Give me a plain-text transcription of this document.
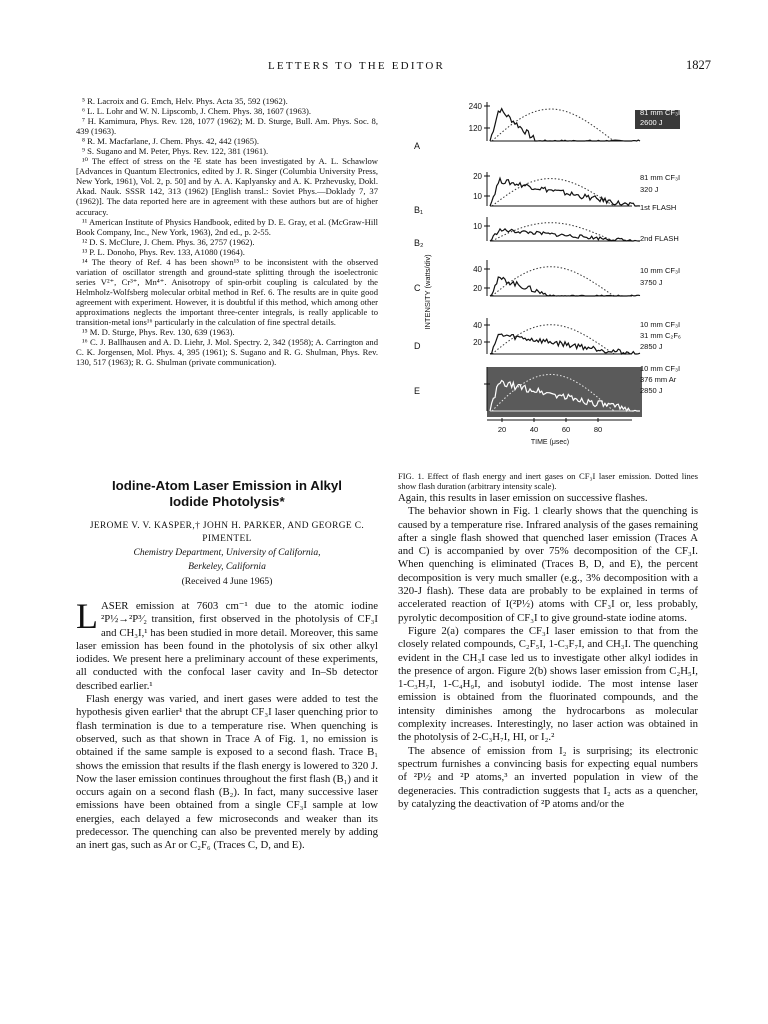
LETTERS TO THE EDITOR	1827

⁵ R. Lacroix and G. Emch, Helv. Phys. Acta 35, 592 (1962).

⁶ L. L. Lohr and W. N. Lipscomb, J. Chem. Phys. 38, 1607 (1963).

⁷ H. Kamimura, Phys. Rev. 128, 1077 (1962); M. D. Sturge, Bull. Am. Phys. Soc. 8, 439 (1963).

⁸ R. M. Macfarlane, J. Chem. Phys. 42, 442 (1965).

⁹ S. Sugano and M. Peter, Phys. Rev. 122, 381 (1961).

¹⁰ The effect of stress on the ²E state has been investigated by A. L. Schawlow [Advances in Quantum Electronics, edited by J. R. Singer (Columbia University Press, New York, 1961), Vol. 2, p. 50] and by A. A. Kaplyansky and A. K. Przhevusky, Dokl. Akad. Nauk. SSSR 142, 313 (1962) [English transl.: Soviet Phys.—Doklady 7, 37 (1962)]. The data reported here are in agreement with these authors but are of higher accuracy.

¹¹ American Institute of Physics Handbook, edited by D. E. Gray, et al. (McGraw-Hill Book Company, Inc., New York, 1963), 2nd ed., p. 2-55.

¹² D. S. McClure, J. Chem. Phys. 36, 2757 (1962).

¹³ P. L. Donoho, Phys. Rev. 133, A1080 (1964).

¹⁴ The theory of Ref. 4 has been shown¹⁵ to be inconsistent with the observed variation of oscillator strength and ground-state splitting through the isoelectronic series V²⁺, Cr³⁺, Mn⁴⁺. Anisotropy of spin-orbit coupling is calculated by the Helmholz-Wolfsberg molecular orbital method in Ref. 6. The results are in quite good agreement with experiment. However, it is doubtful if this method, which among other approximations neglects the important three-center integrals, is really applicable to transition-metal ions¹⁶ particularly in the calculation of fine spectral details.

¹⁵ M. D. Sturge, Phys. Rev. 130, 639 (1963).

¹⁶ C. J. Ballhausen and A. D. Liehr, J. Mol. Spectry. 2, 342 (1958); A. Carrington and C. K. Jorgensen, Mol. Phys. 4, 395 (1961); S. Sugano and R. G. Shulman, Phys. Rev. 130, 517 (1963); R. G. Shulman (private communication).

240
120
A
81 mm CF₃I
2600 J
20
10
B₁
81 mm CF₃I
320 J
1st FLASH
10
B₂	2nd FLASH
40
20
C
10 mm CF₃I
3750 J
40
20
D
10 mm CF₃I
31 mm C₂F₆
2850 J
20
E
10 mm CF₃I
376 mm Ar
2850 J
INTENSITY (watts/div)
20	40	60	80
TIME (μsec)
FIG. 1. Effect of flash energy and inert gases on CF₃I laser emission. Dotted lines show flash duration (arbitrary intensity scale).
Iodine-Atom Laser Emission in Alkyl
Iodide Photolysis*
JEROME V. V. KASPER,† JOHN H. PARKER, AND GEORGE C.
PIMENTEL
Chemistry Department, University of California,
Berkeley, California
(Received 4 June 1965)

LASER emission at 7603 cm⁻¹ due to the atomic iodine ²P½→²P³⁄₂ transition, first observed in the photolysis of CF₃I and CH₃I,¹ has been studied in more detail. Moreover, this same laser emission has been found in the photolysis of six other alkyl iodides. We present here a preliminary account of these experiments, all conducted with the confocal laser cavity and In–Sb detector described earlier.¹

Flash energy was varied, and inert gases were added to test the hypothesis given earlier¹ that the abrupt CF₃I laser quenching prior to flash termination is due to a temperature rise. When quenching is observed, such as that shown in Trace A of Fig. 1, no emission is obtained if the same sample is exposed to a second flash. Trace B₁ shows the emission that results if the flash energy is lowered to 320 J. Now the laser emission continues throughout the first flash (B₁) and it occurs again on a second flash (B₂). In fact, many successive laser emissions have been obtained from a single CF₃I sample at low energies, each delayed a few microseconds and weaker than its predecessor. The quenching can also be prevented merely by adding an inert gas, such as Ar or C₂F₆ (Traces C, D, and E).

Again, this results in laser emission on successive flashes.

The behavior shown in Fig. 1 clearly shows that the quenching is caused by a temperature rise. Infrared analysis of the gases remaining after a single flash showed that quenched laser emission (Traces A and C) is accompanied by over 75% decomposition of the CF₃I. When quenching is eliminated (Traces B, D, and E), the percent decomposition is very much smaller (e.g., 3% decomposition with a 320-J flash). These data are probably to be explained in terms of accelerated reaction of I(²P½) atoms with CF₃I or, less probably, pyrolytic decomposition of CF₃I to give ground-state iodine atoms.

Figure 2(a) compares the CF₃I laser emission to that from the closely related compounds, C₂F₅I, 1-C₃F₇I, and CH₃I. The quenching evident in the CH₃I case led us to investigate other alkyl iodides in the presence of argon. Figure 2(b) shows laser emission from C₂H₅I, 1-C₃H₇I, 1-C₄H₉I, and isobutyl iodide. The most intense laser emission is obtained from the fluorinated compounds, and the intensity diminishes among the hydrocarbons as molecular complexity increases. Interestingly, no laser action was obtained in the photolysis of 2-C₃H₇I, HI, or I₂.²

The absence of emission from I₂ is surprising; its electronic spectrum furnishes a convincing basis for expecting equal numbers of ²P½ and ²P atoms,³ an inverted population in view of the degeneracies. This contradiction suggests that I₂ acts as a quencher, by catalyzing the deactivation of ²P atoms and/or the
